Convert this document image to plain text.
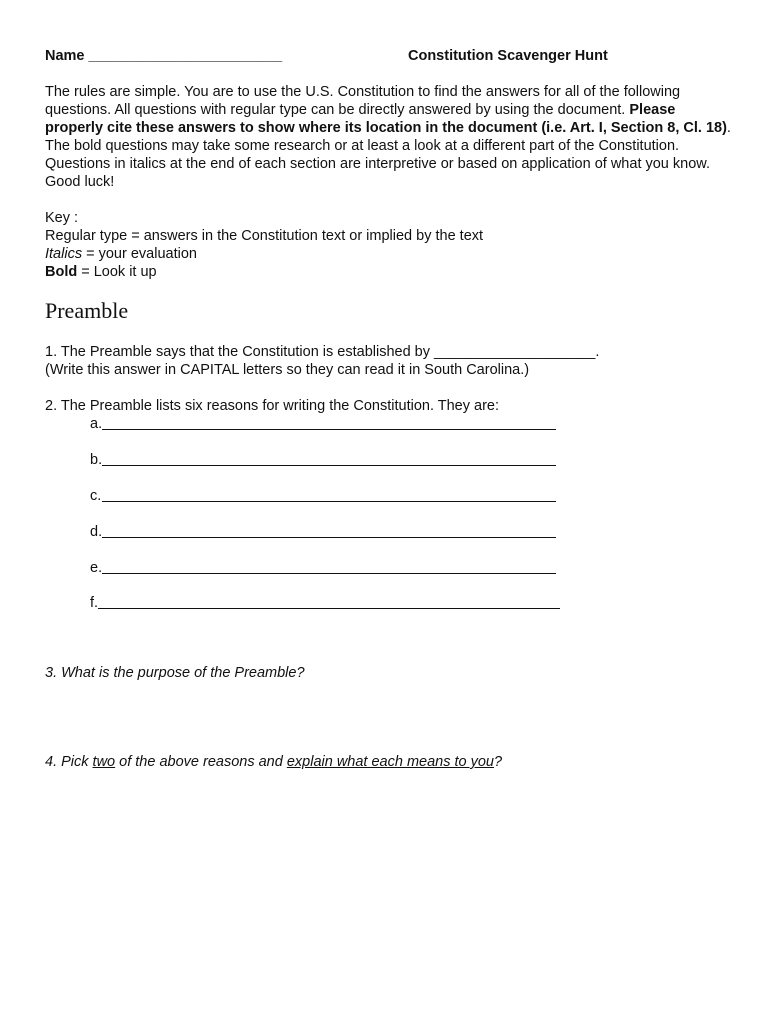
Name ________________________	Constitution Scavenger Hunt
The rules are simple. You are to use the U.S. Constitution to find the answers for all of the following questions. All questions with regular type can be directly answered by using the document. Please properly cite these answers to show where its location in the document (i.e. Art. I, Section 8, Cl. 18). The bold questions may take some research or at least a look at a different part of the Constitution. Questions in italics at the end of each section are interpretive or based on application of what you know. Good luck!
Key :
Regular type = answers in the Constitution text or implied by the text
Italics = your evaluation
Bold = Look it up
Preamble
1. The Preamble says that the Constitution is established by ____________________.
(Write this answer in CAPITAL letters so they can read it in South Carolina.)
2. The Preamble lists six reasons for writing the Constitution. They are:
a.
b.
c.
d.
e.
f.
3. What is the purpose of the Preamble?
4. Pick two of the above reasons and explain what each means to you?
